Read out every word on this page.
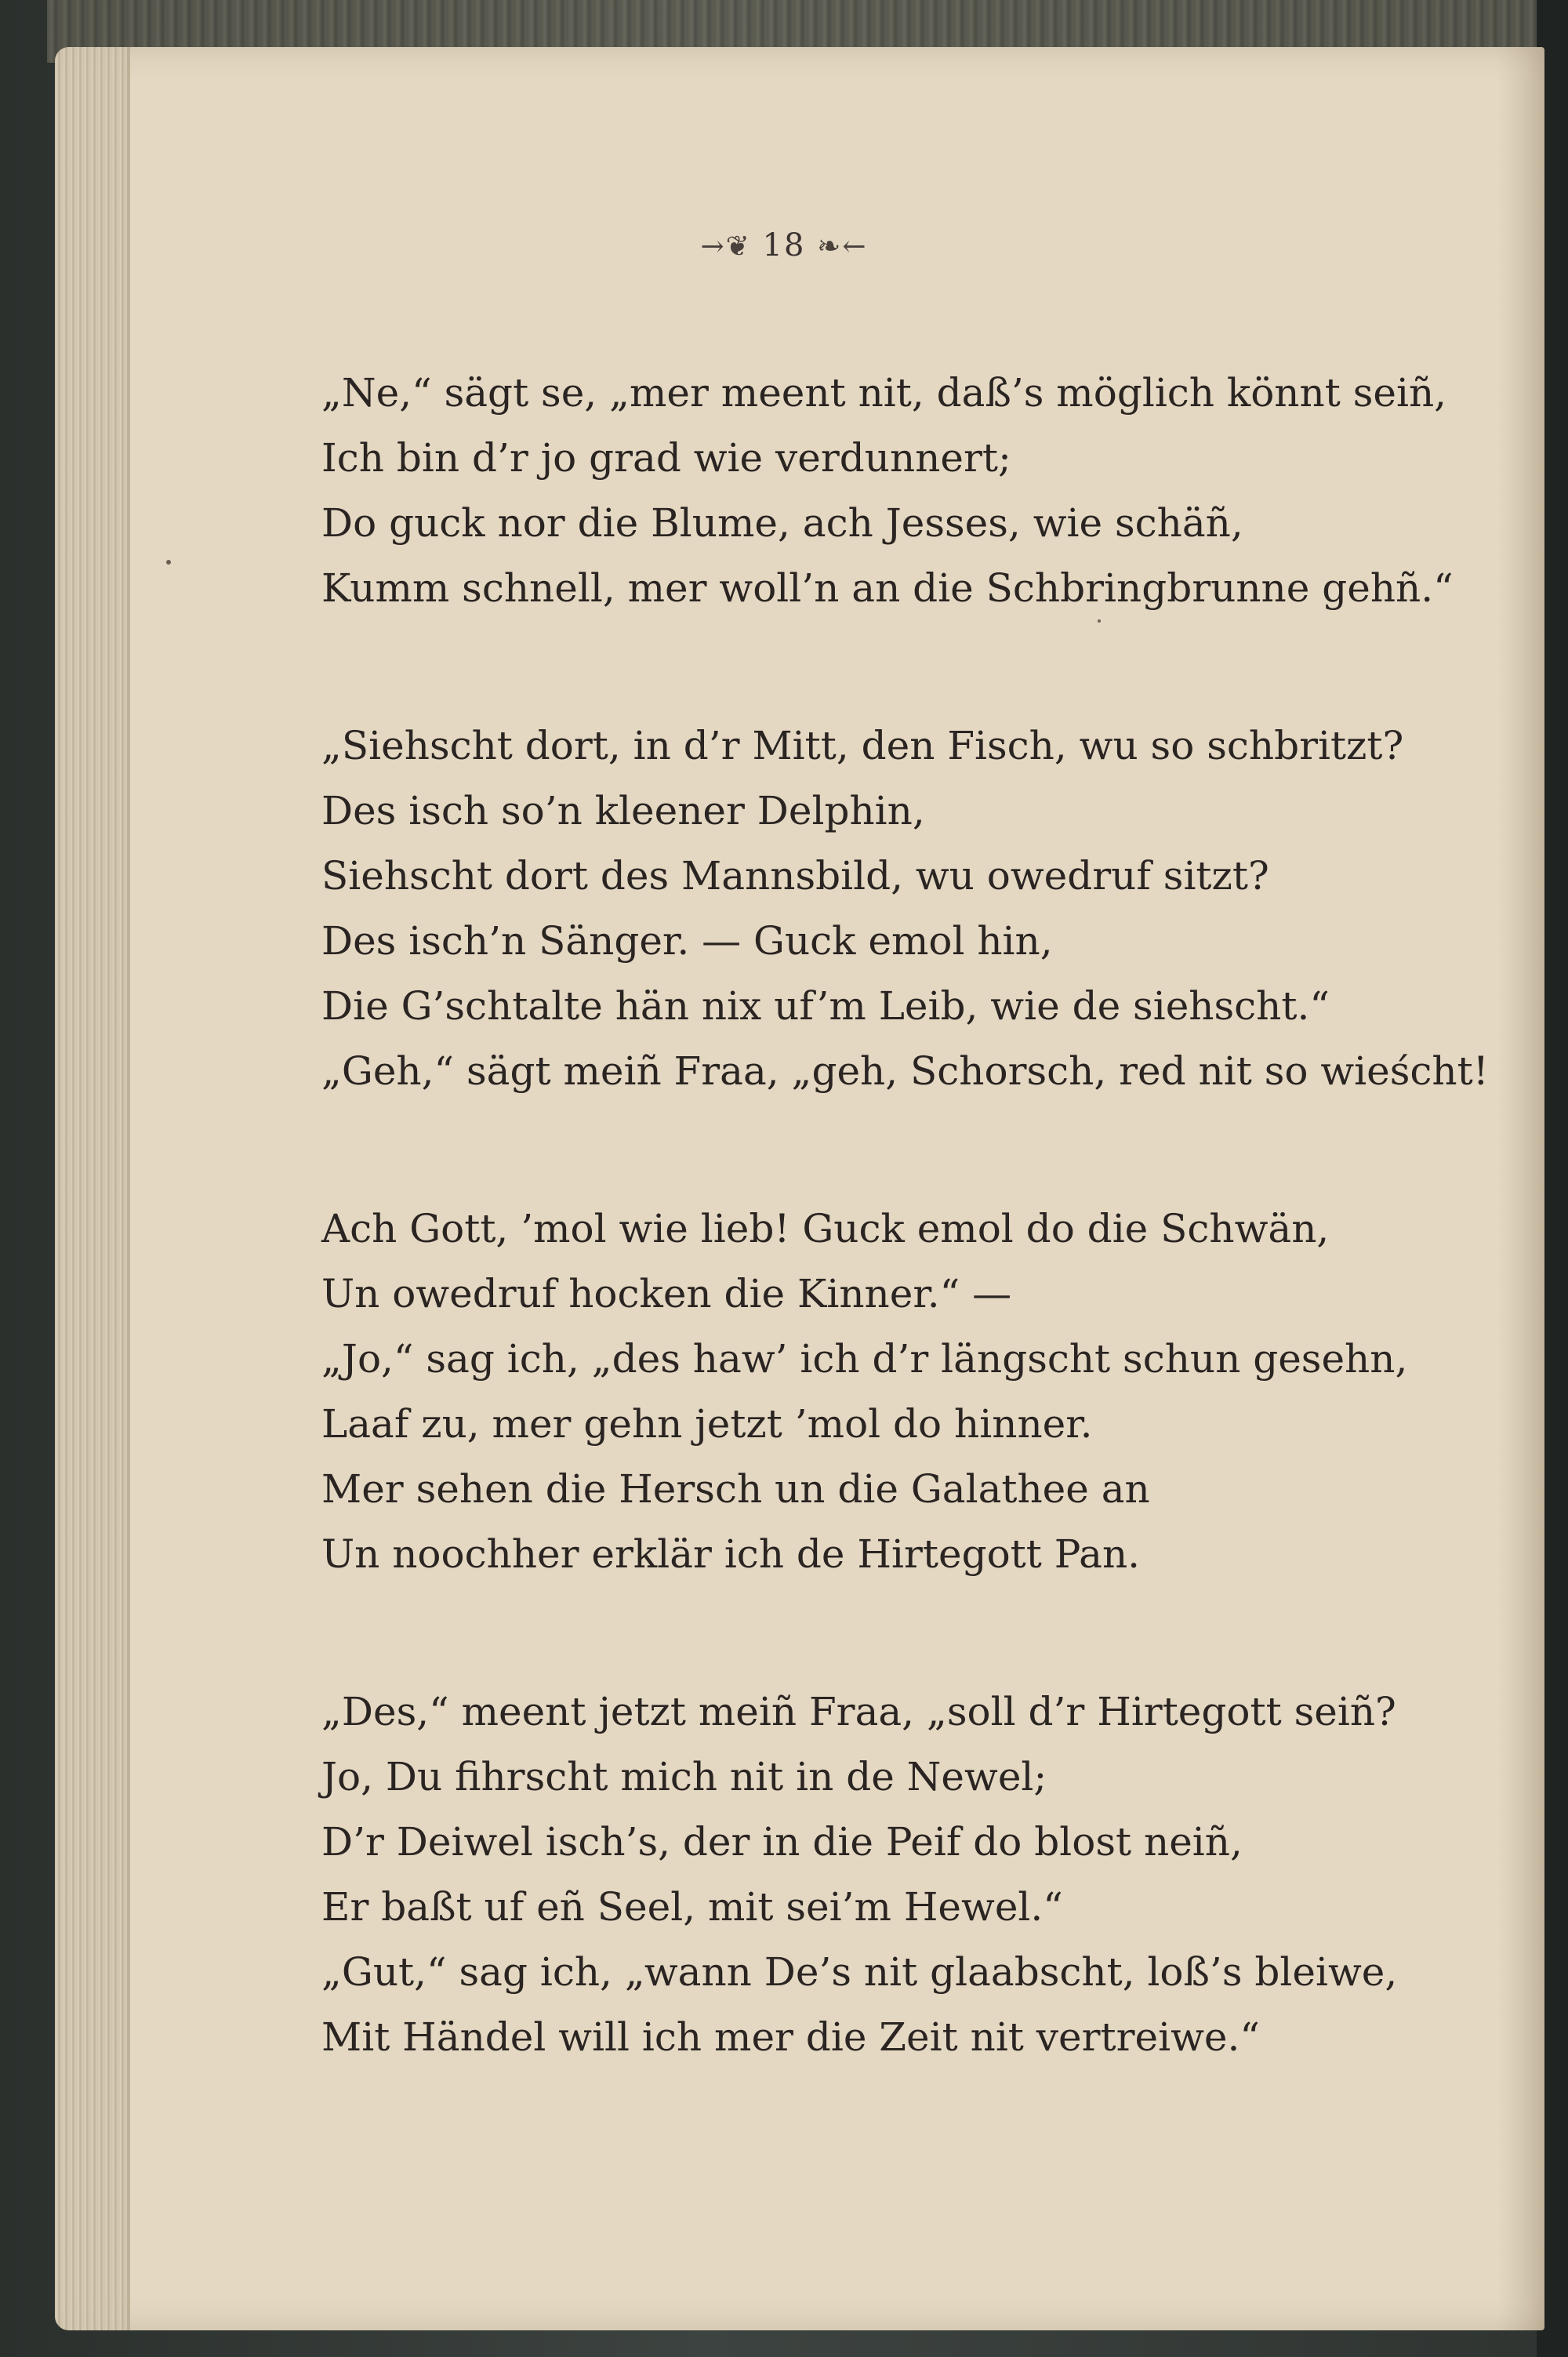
→❦ 18 ❧←
„Ne,“ sägt se, „mer meent nit, daß’s möglich könnt seiñ,
Ich bin d’r jo grad wie verdunnert;
Do guck nor die Blume, ach Jesses, wie schäñ,
Kumm schnell, mer woll’n an die Schbringbrunne gehñ.“
„Siehscht dort, in d’r Mitt, den Fisch, wu so schbritzt?
Des isch so’n kleener Delphin,
Siehscht dort des Mannsbild, wu owedruf sitzt?
Des isch’n Sänger. — Guck emol hin,
Die G’schtalte hän nix uf’m Leib, wie de siehscht.“
„Geh,“ sägt meiñ Fraa, „geh, Schorsch, red nit so wieścht!
Ach Gott, ’mol wie lieb! Guck emol do die Schwän,
Un owedruf hocken die Kinner.“ —
„Jo,“ sag ich, „des haw’ ich d’r längscht schun gesehn,
Laaf zu, mer gehn jetzt ’mol do hinner.
Mer sehen die Hersch un die Galathee an
Un noochher erklär ich de Hirtegott Pan.
„Des,“ meent jetzt meiñ Fraa, „soll d’r Hirtegott seiñ?
Jo, Du fihrscht mich nit in de Newel;
D’r Deiwel isch’s, der in die Peif do blost neiñ,
Er baßt uf eñ Seel, mit sei’m Hewel.“
„Gut,“ sag ich, „wann De’s nit glaabscht, loß’s bleiwe,
Mit Händel will ich mer die Zeit nit vertreiwe.“
